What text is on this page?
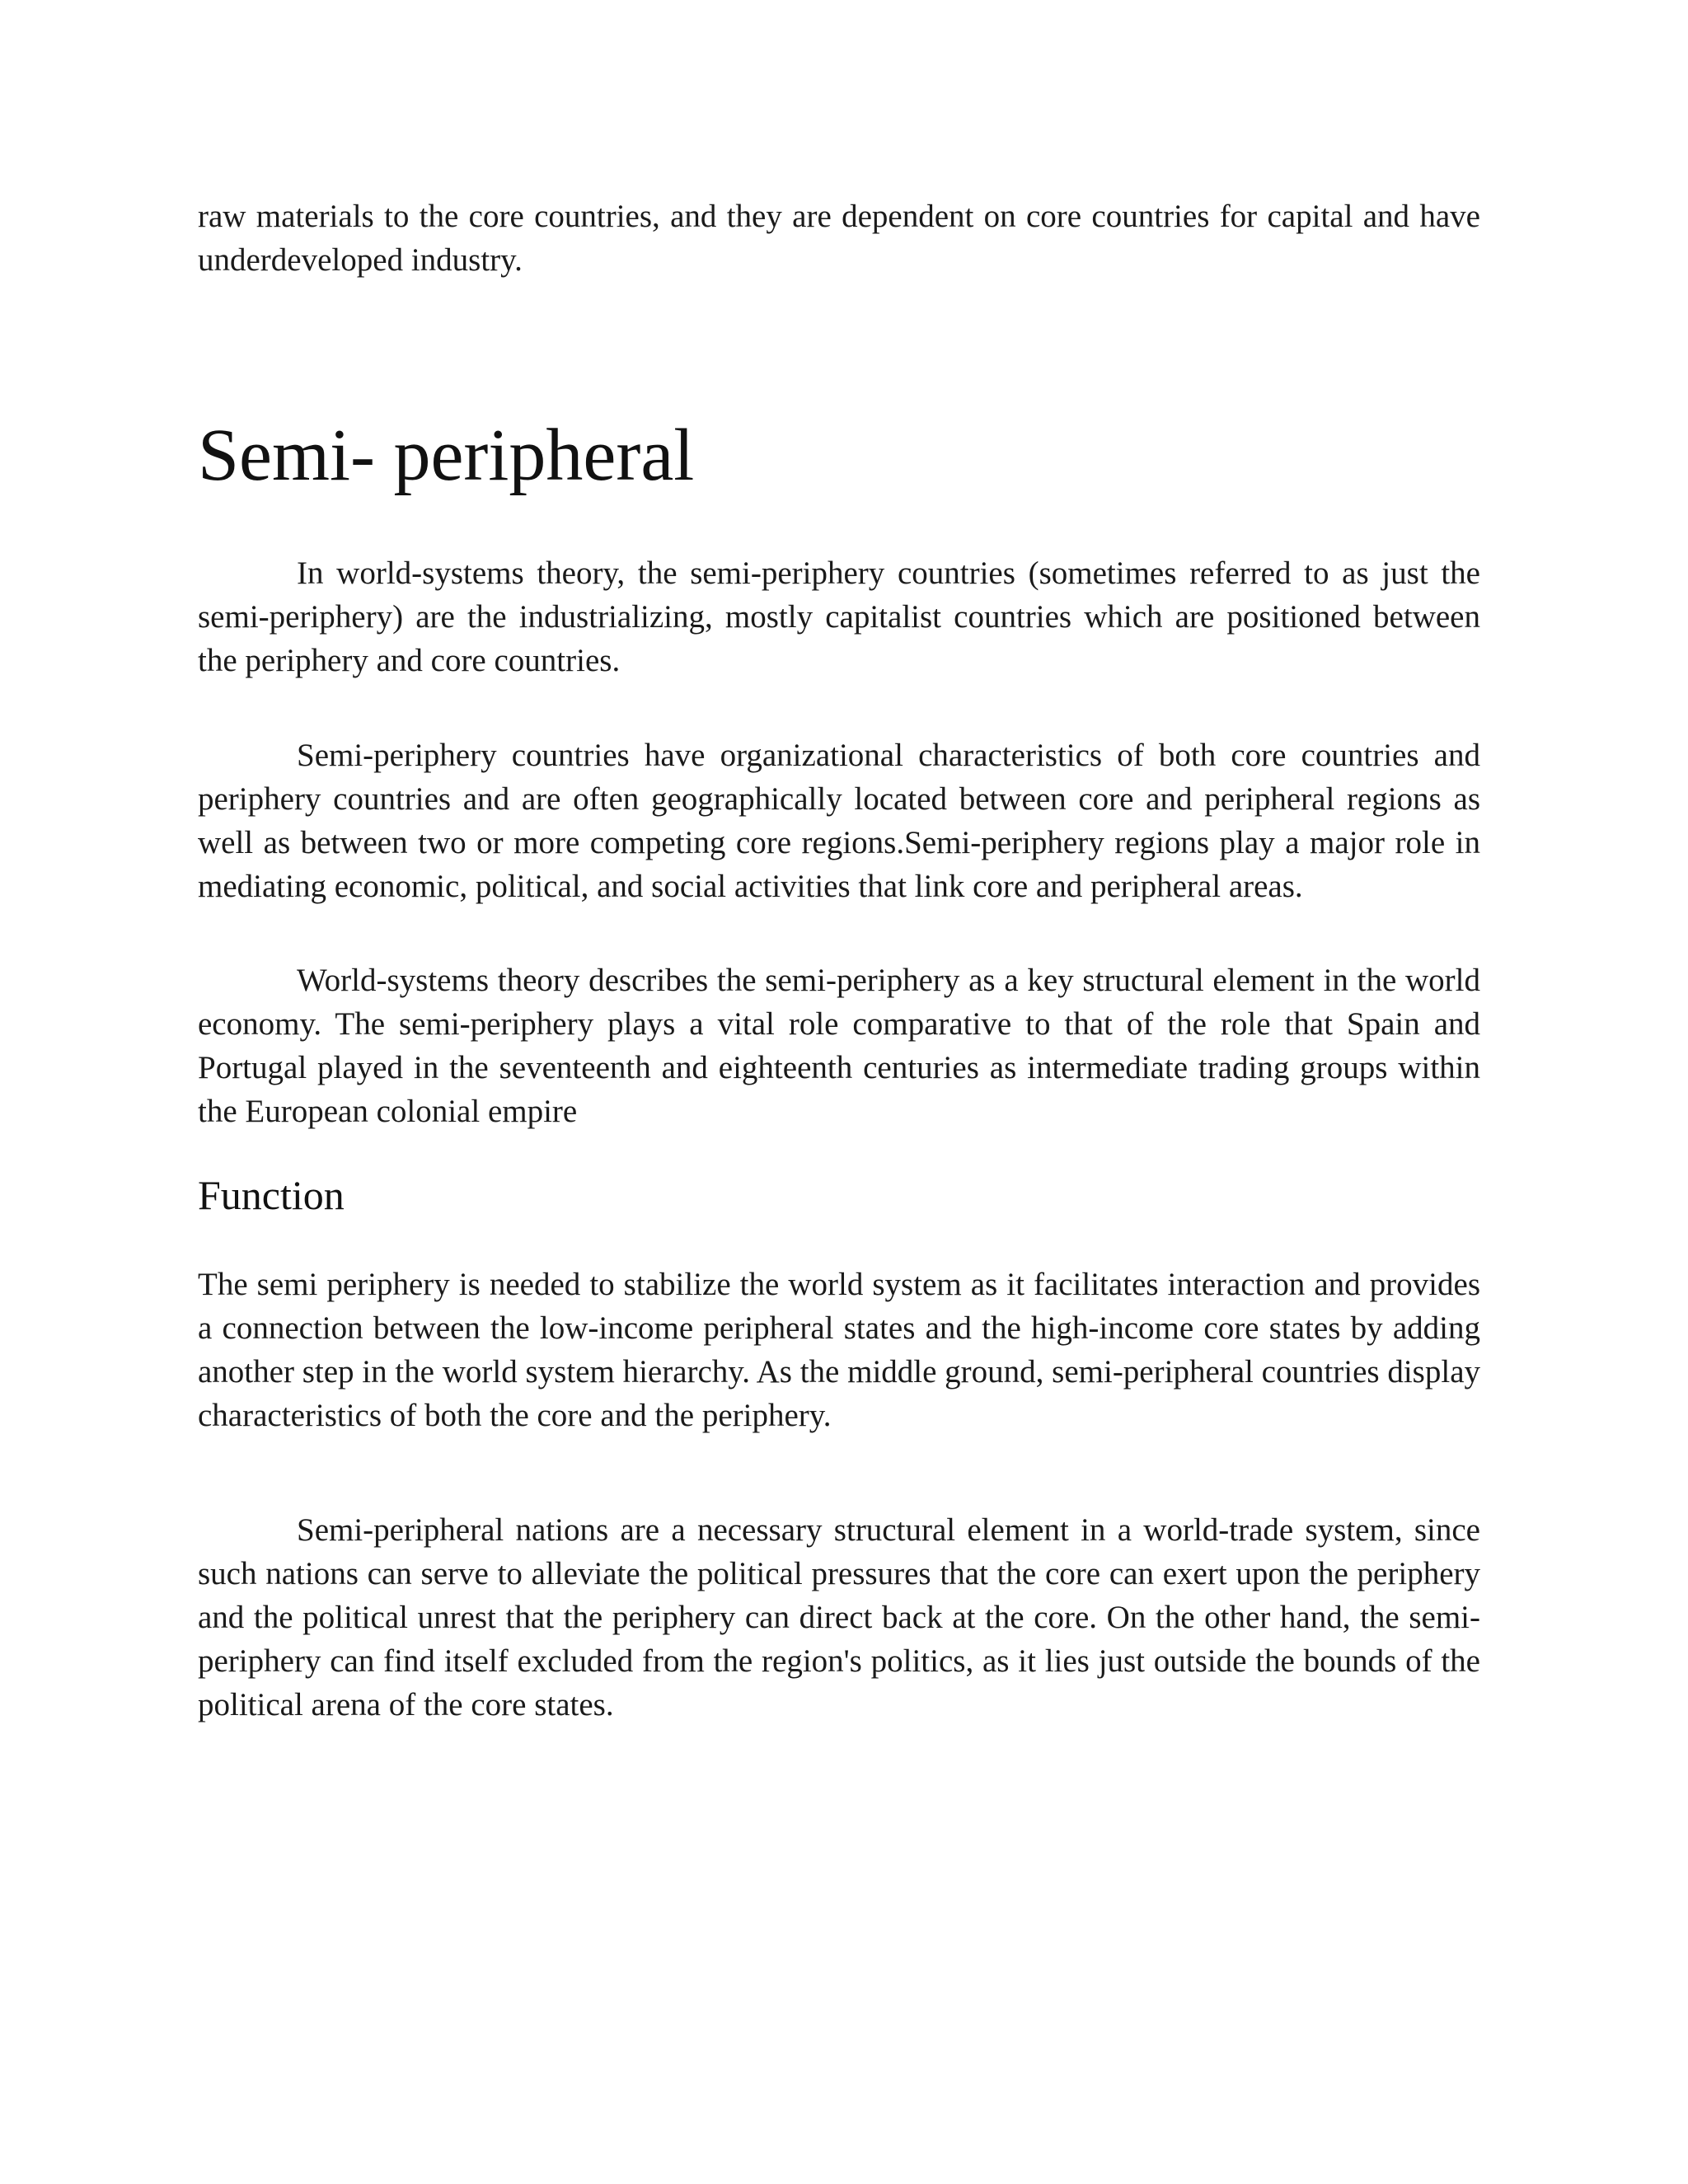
raw materials to the core countries, and they are dependent on core countries for capital and have underdeveloped industry.

Semi- peripheral

In world-systems theory, the semi-periphery countries (sometimes referred to as just the semi-periphery) are the industrializing, mostly capitalist countries which are positioned between the periphery and core countries.

Semi-periphery countries have organizational characteristics of both core countries and periphery countries and are often geographically located between core and peripheral regions as well as between two or more competing core regions.Semi-periphery regions play a major role in mediating economic, political, and social activities that link core and peripheral areas.

World-systems theory describes the semi-periphery as a key structural element in the world economy. The semi-periphery plays a vital role comparative to that of the role that Spain and Portugal played in the seventeenth and eighteenth centuries as intermediate trading groups within the European colonial empire

Function

The semi periphery is needed to stabilize the world system as it facilitates interaction and provides a connection between the low-income peripheral states and the high-income core states by adding another step in the world system hierarchy. As the middle ground, semi-peripheral countries display characteristics of both the core and the periphery.

Semi-peripheral nations are a necessary structural element in a world-trade system, since such nations can serve to alleviate the political pressures that the core can exert upon the periphery and the political unrest that the periphery can direct back at the core. On the other hand, the semi-periphery can find itself excluded from the region's politics, as it lies just outside the bounds of the political arena of the core states.
